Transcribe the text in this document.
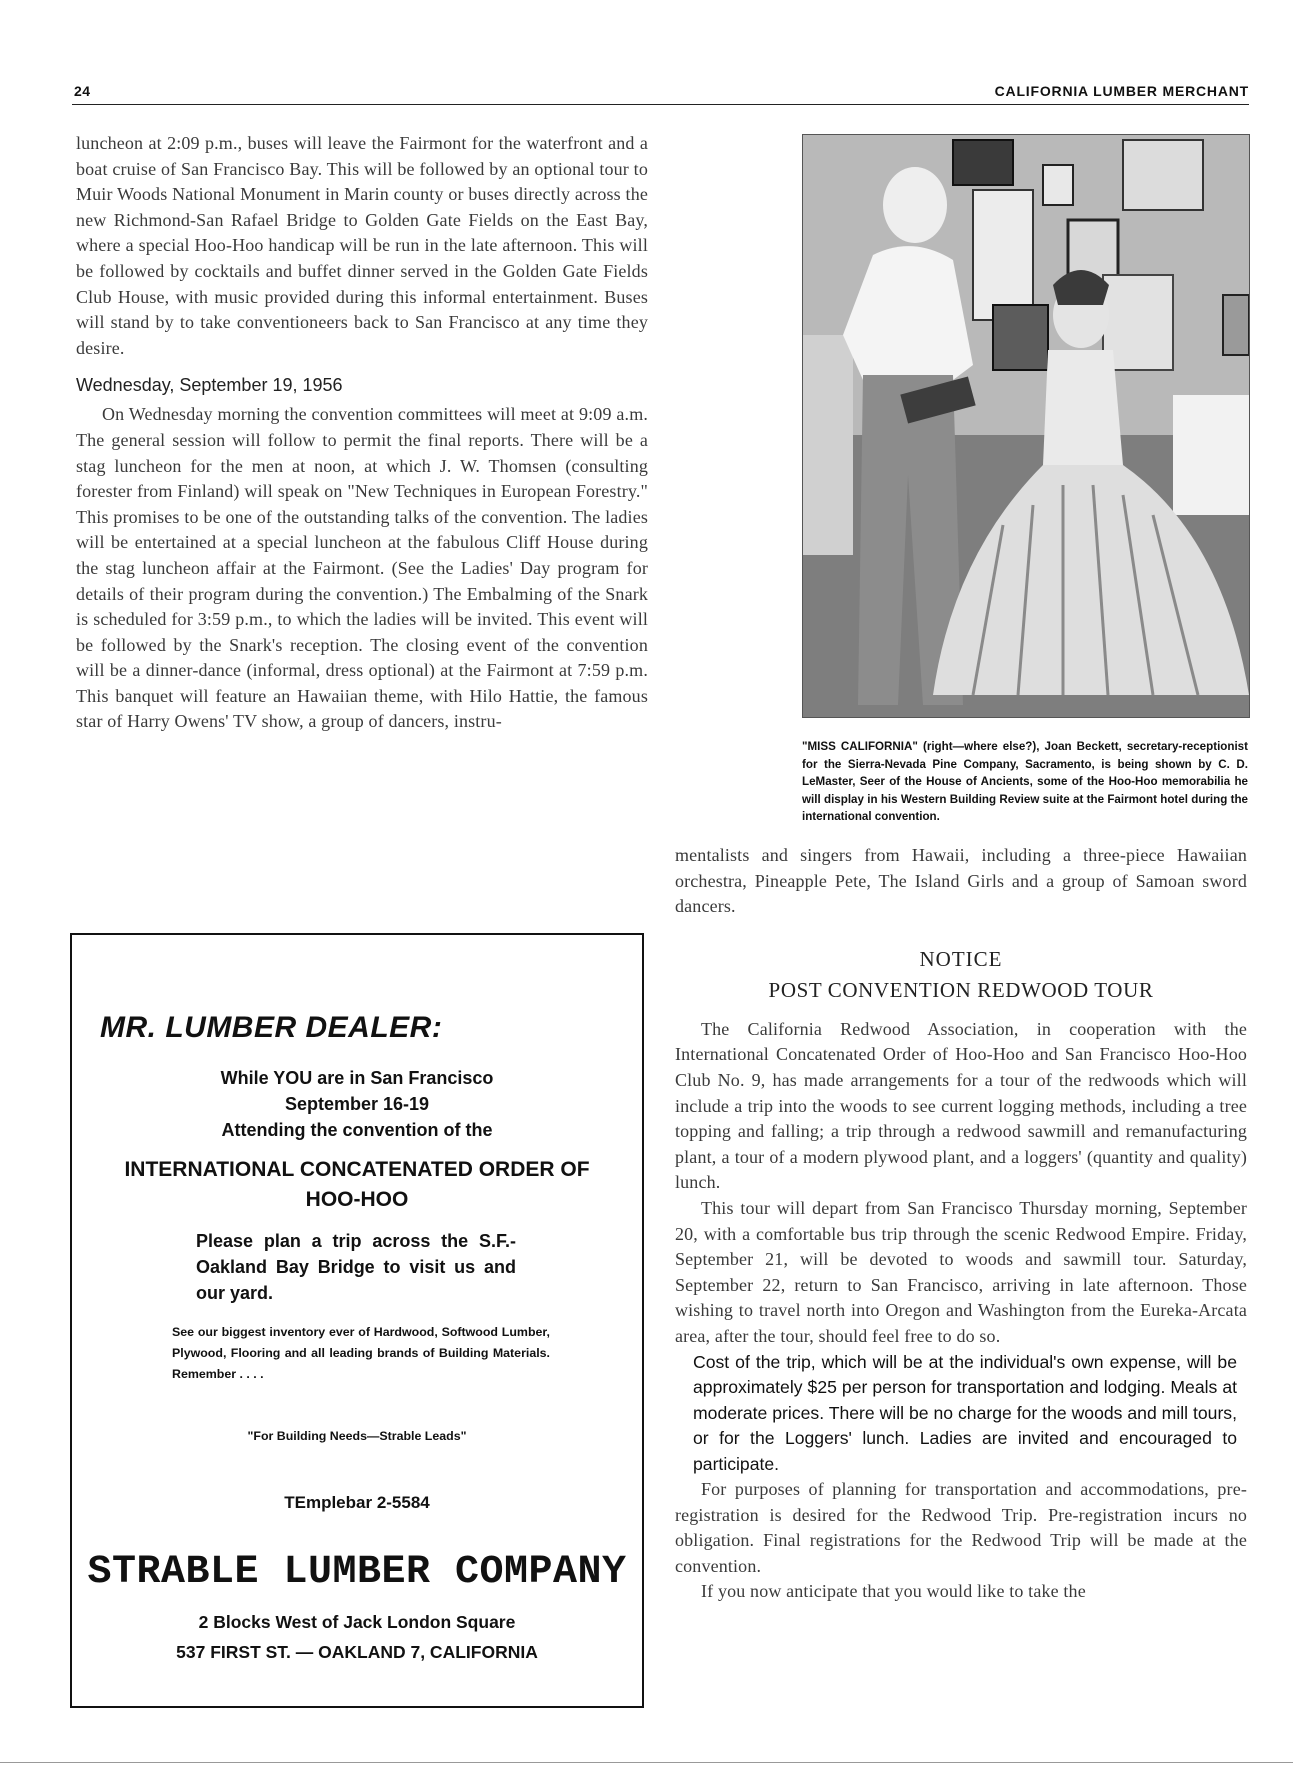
24	CALIFORNIA LUMBER MERCHANT

luncheon at 2:09 p.m., buses will leave the Fairmont for the waterfront and a boat cruise of San Francisco Bay. This will be followed by an optional tour to Muir Woods National Monument in Marin county or buses directly across the new Richmond-San Rafael Bridge to Golden Gate Fields on the East Bay, where a special Hoo-Hoo handicap will be run in the late afternoon. This will be followed by cocktails and buffet dinner served in the Golden Gate Fields Club House, with music provided during this informal entertainment. Buses will stand by to take conventioneers back to San Francisco at any time they desire.

Wednesday, September 19, 1956

On Wednesday morning the convention committees will meet at 9:09 a.m. The general session will follow to permit the final reports. There will be a stag luncheon for the men at noon, at which J. W. Thomsen (consulting forester from Finland) will speak on "New Techniques in European Forestry." This promises to be one of the outstanding talks of the convention. The ladies will be entertained at a special luncheon at the fabulous Cliff House during the stag luncheon affair at the Fairmont. (See the Ladies' Day program for details of their program during the convention.) The Embalming of the Snark is scheduled for 3:59 p.m., to which the ladies will be invited. This event will be followed by the Snark's reception. The closing event of the convention will be a dinner-dance (informal, dress optional) at the Fairmont at 7:59 p.m. This banquet will feature an Hawaiian theme, with Hilo Hattie, the famous star of Harry Owens' TV show, a group of dancers, instru-

"MISS CALIFORNIA" (right—where else?), Joan Beckett, secretary-receptionist for the Sierra-Nevada Pine Company, Sacramento, is being shown by C. D. LeMaster, Seer of the House of Ancients, some of the Hoo-Hoo memorabilia he will display in his Western Building Review suite at the Fairmont hotel during the international convention.

mentalists and singers from Hawaii, including a three-piece Hawaiian orchestra, Pineapple Pete, The Island Girls and a group of Samoan sword dancers.

NOTICE

POST CONVENTION REDWOOD TOUR

The California Redwood Association, in cooperation with the International Concatenated Order of Hoo-Hoo and San Francisco Hoo-Hoo Club No. 9, has made arrangements for a tour of the redwoods which will include a trip into the woods to see current logging methods, including a tree topping and falling; a trip through a redwood sawmill and remanufacturing plant, a tour of a modern plywood plant, and a loggers' (quantity and quality) lunch.

This tour will depart from San Francisco Thursday morning, September 20, with a comfortable bus trip through the scenic Redwood Empire. Friday, September 21, will be devoted to woods and sawmill tour. Saturday, September 22, return to San Francisco, arriving in late afternoon. Those wishing to travel north into Oregon and Washington from the Eureka-Arcata area, after the tour, should feel free to do so.

Cost of the trip, which will be at the individual's own expense, will be approximately $25 per person for transportation and lodging. Meals at moderate prices. There will be no charge for the woods and mill tours, or for the Loggers' lunch. Ladies are invited and encouraged to participate.

For purposes of planning for transportation and accommodations, pre-registration is desired for the Redwood Trip. Pre-registration incurs no obligation. Final registrations for the Redwood Trip will be made at the convention.

If you now anticipate that you would like to take the

MR. LUMBER DEALER:
While YOU are in San Francisco
September 16-19
Attending the convention of the
INTERNATIONAL CONCATENATED ORDER OF
HOO-HOO
Please plan a trip across the S.F.-Oakland Bay Bridge to visit us and our yard.
See our biggest inventory ever of Hardwood, Softwood Lumber, Plywood, Flooring and all leading brands of Building Materials. Remember . . . .
"For Building Needs—Strable Leads"
TEmplebar 2-5584
STRABLE LUMBER COMPANY
2 Blocks West of Jack London Square
537 FIRST ST. — OAKLAND 7, CALIFORNIA
